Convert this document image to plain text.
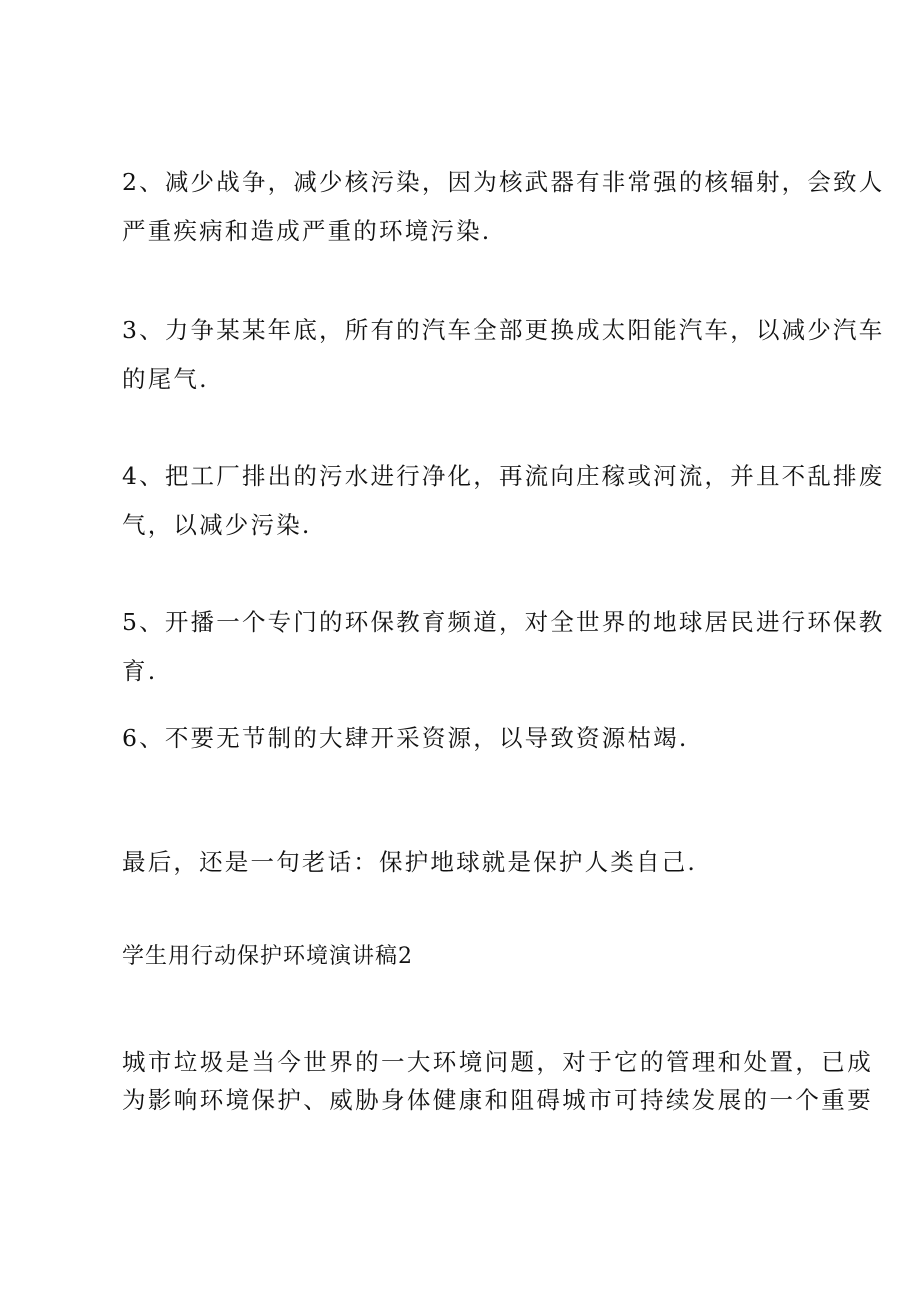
2、减少战争，减少核污染，因为核武器有非常强的核辐射，会致人
严重疾病和造成严重的环境污染.

3、力争某某年底，所有的汽车全部更换成太阳能汽车，以减少汽车
的尾气.

4、把工厂排出的污水进行净化，再流向庄稼或河流，并且不乱排废
气，以减少污染.

5、开播一个专门的环保教育频道，对全世界的地球居民进行环保教
育.

6、不要无节制的大肆开采资源，以导致资源枯竭.

最后，还是一句老话：保护地球就是保护人类自己.

学生用行动保护环境演讲稿2

城市垃圾是当今世界的一大环境问题，对于它的管理和处置，已成
为影响环境保护、威胁身体健康和阻碍城市可持续发展的一个重要
